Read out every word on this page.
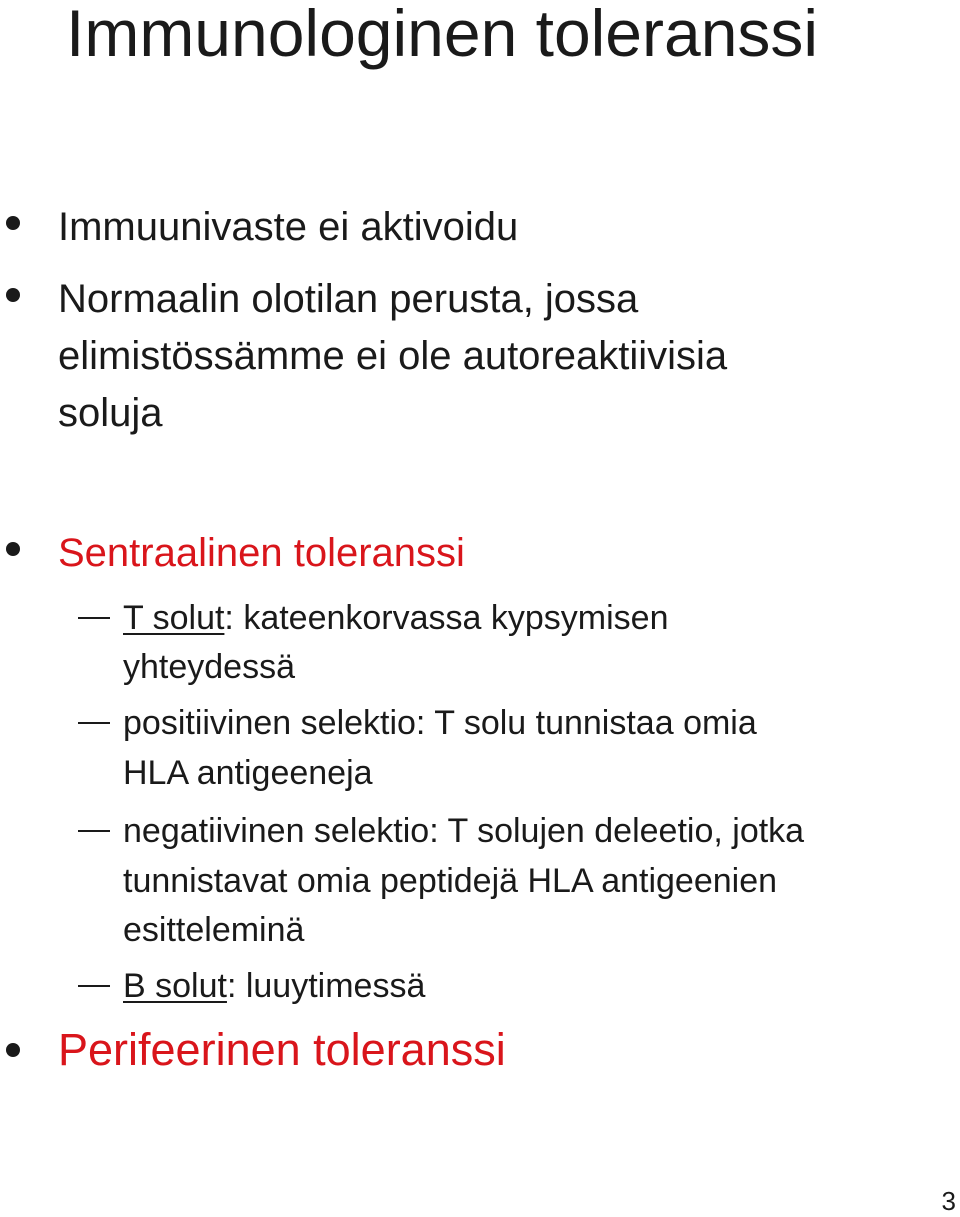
Immunologinen toleranssi
Immuunivaste ei aktivoidu
Normaalin olotilan perusta, jossa
elimistössämme ei ole autoreaktiivisia
soluja
Sentraalinen toleranssi
T solut: kateenkorvassa kypsymisen
yhteydessä
positiivinen selektio: T solu tunnistaa omia
HLA antigeeneja
negatiivinen selektio: T solujen deleetio, jotka
tunnistavat omia peptidejä HLA antigeenien
esitteleminä
B solut: luuytimessä
Perifeerinen toleranssi
3
